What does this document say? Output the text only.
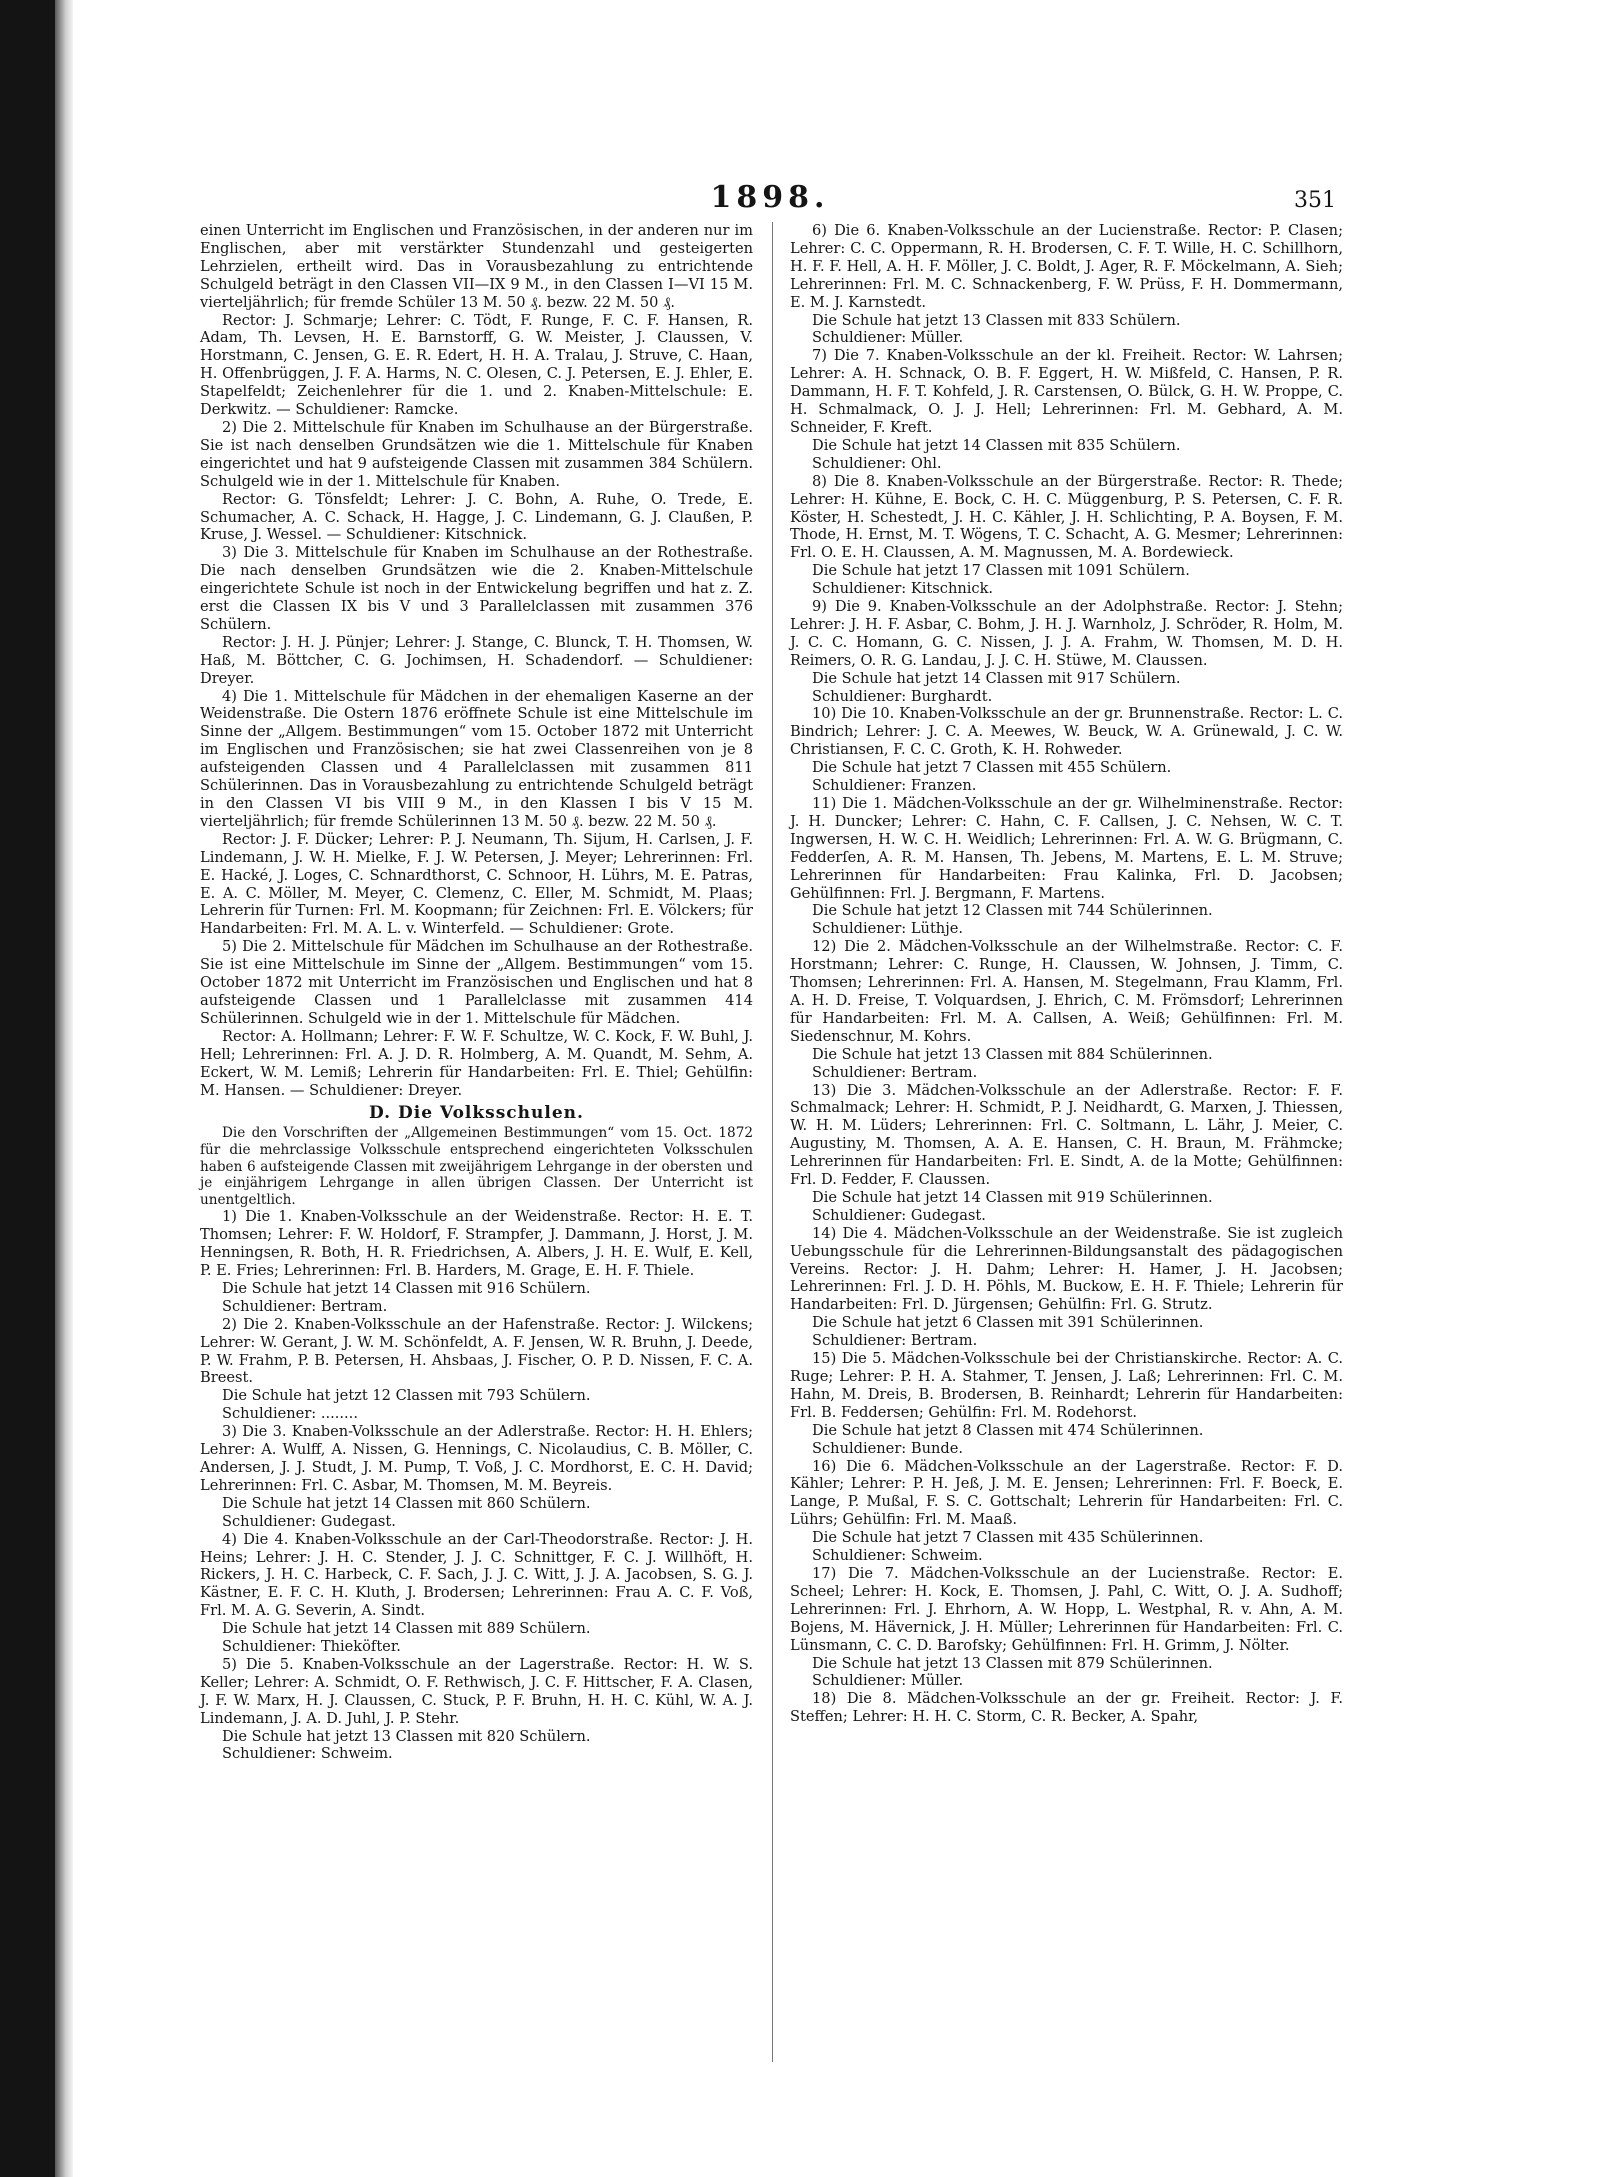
1898.	351

einen Unterricht im Englischen und Französischen, in der anderen nur im Englischen, aber mit verstärkter Stundenzahl und gesteigerten Lehrzielen, ertheilt wird. Das in Vorausbezahlung zu entrichtende Schulgeld beträgt in den Classen VII—IX 9 M., in den Classen I—VI 15 M. vierteljährlich; für fremde Schüler 13 M. 50 ₰. bezw. 22 M. 50 ₰.

Rector: J. Schmarje; Lehrer: C. Tödt, F. Runge, F. C. F. Hansen, R. Adam, Th. Levsen, H. E. Barnstorff, G. W. Meister, J. Claussen, V. Horstmann, C. Jensen, G. E. R. Edert, H. H. A. Tralau, J. Struve, C. Haan, H. Offenbrüggen, J. F. A. Harms, N. C. Olesen, C. J. Petersen, E. J. Ehler, E. Stapelfeldt; Zeichenlehrer für die 1. und 2. Knaben-Mittelschule: E. Derkwitz. — Schuldiener: Ramcke.

2) Die 2. Mittelschule für Knaben im Schulhause an der Bürgerstraße. Sie ist nach denselben Grundsätzen wie die 1. Mittelschule für Knaben eingerichtet und hat 9 aufsteigende Classen mit zusammen 384 Schülern. Schulgeld wie in der 1. Mittelschule für Knaben.

Rector: G. Tönsfeldt; Lehrer: J. C. Bohn, A. Ruhe, O. Trede, E. Schumacher, A. C. Schack, H. Hagge, J. C. Lindemann, G. J. Claußen, P. Kruse, J. Wessel. — Schuldiener: Kitschnick.

3) Die 3. Mittelschule für Knaben im Schulhause an der Rothestraße. Die nach denselben Grundsätzen wie die 2. Knaben-Mittelschule eingerichtete Schule ist noch in der Entwickelung begriffen und hat z. Z. erst die Classen IX bis V und 3 Parallelclassen mit zusammen 376 Schülern.

Rector: J. H. J. Pünjer; Lehrer: J. Stange, C. Blunck, T. H. Thomsen, W. Haß, M. Böttcher, C. G. Jochimsen, H. Schadendorf. — Schuldiener: Dreyer.

4) Die 1. Mittelschule für Mädchen in der ehemaligen Kaserne an der Weidenstraße. Die Ostern 1876 eröffnete Schule ist eine Mittelschule im Sinne der „Allgem. Bestimmungen“ vom 15. October 1872 mit Unterricht im Englischen und Französischen; sie hat zwei Classenreihen von je 8 aufsteigenden Classen und 4 Parallelclassen mit zusammen 811 Schülerinnen. Das in Vorausbezahlung zu entrichtende Schulgeld beträgt in den Classen VI bis VIII 9 M., in den Klassen I bis V 15 M. vierteljährlich; für fremde Schülerinnen 13 M. 50 ₰. bezw. 22 M. 50 ₰.

Rector: J. F. Dücker; Lehrer: P. J. Neumann, Th. Sijum, H. Carlsen, J. F. Lindemann, J. W. H. Mielke, F. J. W. Petersen, J. Meyer; Lehrerinnen: Frl. E. Hacké, J. Loges, C. Schnardthorst, C. Schnoor, H. Lührs, M. E. Patras, E. A. C. Möller, M. Meyer, C. Clemenz, C. Eller, M. Schmidt, M. Plaas; Lehrerin für Turnen: Frl. M. Koopmann; für Zeichnen: Frl. E. Völckers; für Handarbeiten: Frl. M. A. L. v. Winterfeld. — Schuldiener: Grote.

5) Die 2. Mittelschule für Mädchen im Schulhause an der Rothestraße. Sie ist eine Mittelschule im Sinne der „Allgem. Bestimmungen“ vom 15. October 1872 mit Unterricht im Französischen und Englischen und hat 8 aufsteigende Classen und 1 Parallelclasse mit zusammen 414 Schülerinnen. Schulgeld wie in der 1. Mittelschule für Mädchen.

Rector: A. Hollmann; Lehrer: F. W. F. Schultze, W. C. Kock, F. W. Buhl, J. Hell; Lehrerinnen: Frl. A. J. D. R. Holmberg, A. M. Quandt, M. Sehm, A. Eckert, W. M. Lemiß; Lehrerin für Handarbeiten: Frl. E. Thiel; Gehülfin: M. Hansen. — Schuldiener: Dreyer.

D. Die Volksschulen.

Die den Vorschriften der „Allgemeinen Bestimmungen“ vom 15. Oct. 1872 für die mehrclassige Volksschule entsprechend eingerichteten Volksschulen haben 6 aufsteigende Classen mit zweijährigem Lehrgange in der obersten und je einjährigem Lehrgange in allen übrigen Classen. Der Unterricht ist unentgeltlich.

1) Die 1. Knaben-Volksschule an der Weidenstraße. Rector: H. E. T. Thomsen; Lehrer: F. W. Holdorf, F. Strampfer, J. Dammann, J. Horst, J. M. Henningsen, R. Both, H. R. Friedrichsen, A. Albers, J. H. E. Wulf, E. Kell, P. E. Fries; Lehrerinnen: Frl. B. Harders, M. Grage, E. H. F. Thiele.

Die Schule hat jetzt 14 Classen mit 916 Schülern.

Schuldiener: Bertram.

2) Die 2. Knaben-Volksschule an der Hafenstraße. Rector: J. Wilckens; Lehrer: W. Gerant, J. W. M. Schönfeldt, A. F. Jensen, W. R. Bruhn, J. Deede, P. W. Frahm, P. B. Petersen, H. Ahsbaas, J. Fischer, O. P. D. Nissen, F. C. A. Breest.

Die Schule hat jetzt 12 Classen mit 793 Schülern.

Schuldiener: ........

3) Die 3. Knaben-Volksschule an der Adlerstraße. Rector: H. H. Ehlers; Lehrer: A. Wulff, A. Nissen, G. Hennings, C. Nicolaudius, C. B. Möller, C. Andersen, J. J. Studt, J. M. Pump, T. Voß, J. C. Mordhorst, E. C. H. David; Lehrerinnen: Frl. C. Asbar, M. Thomsen, M. M. Beyreis.

Die Schule hat jetzt 14 Classen mit 860 Schülern.

Schuldiener: Gudegast.

4) Die 4. Knaben-Volksschule an der Carl-Theodorstraße. Rector: J. H. Heins; Lehrer: J. H. C. Stender, J. J. C. Schnittger, F. C. J. Willhöft, H. Rickers, J. H. C. Harbeck, C. F. Sach, J. J. C. Witt, J. J. A. Jacobsen, S. G. J. Kästner, E. F. C. H. Kluth, J. Brodersen; Lehrerinnen: Frau A. C. F. Voß, Frl. M. A. G. Severin, A. Sindt.

Die Schule hat jetzt 14 Classen mit 889 Schülern.

Schuldiener: Thieköfter.

5) Die 5. Knaben-Volksschule an der Lagerstraße. Rector: H. W. S. Keller; Lehrer: A. Schmidt, O. F. Rethwisch, J. C. F. Hittscher, F. A. Clasen, J. F. W. Marx, H. J. Claussen, C. Stuck, P. F. Bruhn, H. H. C. Kühl, W. A. J. Lindemann, J. A. D. Juhl, J. P. Stehr.

Die Schule hat jetzt 13 Classen mit 820 Schülern.

Schuldiener: Schweim.

6) Die 6. Knaben-Volksschule an der Lucienstraße. Rector: P. Clasen; Lehrer: C. C. Oppermann, R. H. Brodersen, C. F. T. Wille, H. C. Schillhorn, H. F. F. Hell, A. H. F. Möller, J. C. Boldt, J. Ager, R. F. Möckelmann, A. Sieh; Lehrerinnen: Frl. M. C. Schnackenberg, F. W. Prüss, F. H. Dommermann, E. M. J. Karnstedt.

Die Schule hat jetzt 13 Classen mit 833 Schülern.

Schuldiener: Müller.

7) Die 7. Knaben-Volksschule an der kl. Freiheit. Rector: W. Lahrsen; Lehrer: A. H. Schnack, O. B. F. Eggert, H. W. Mißfeld, C. Hansen, P. R. Dammann, H. F. T. Kohfeld, J. R. Carstensen, O. Bülck, G. H. W. Proppe, C. H. Schmalmack, O. J. J. Hell; Lehrerinnen: Frl. M. Gebhard, A. M. Schneider, F. Kreft.

Die Schule hat jetzt 14 Classen mit 835 Schülern.

Schuldiener: Ohl.

8) Die 8. Knaben-Volksschule an der Bürgerstraße. Rector: R. Thede; Lehrer: H. Kühne, E. Bock, C. H. C. Müggenburg, P. S. Petersen, C. F. R. Köster, H. Schestedt, J. H. C. Kähler, J. H. Schlichting, P. A. Boysen, F. M. Thode, H. Ernst, M. T. Wögens, T. C. Schacht, A. G. Mesmer; Lehrerinnen: Frl. O. E. H. Claussen, A. M. Magnussen, M. A. Bordewieck.

Die Schule hat jetzt 17 Classen mit 1091 Schülern.

Schuldiener: Kitschnick.

9) Die 9. Knaben-Volksschule an der Adolphstraße. Rector: J. Stehn; Lehrer: J. H. F. Asbar, C. Bohm, J. H. J. Warnholz, J. Schröder, R. Holm, M. J. C. C. Homann, G. C. Nissen, J. J. A. Frahm, W. Thomsen, M. D. H. Reimers, O. R. G. Landau, J. J. C. H. Stüwe, M. Claussen.

Die Schule hat jetzt 14 Classen mit 917 Schülern.

Schuldiener: Burghardt.

10) Die 10. Knaben-Volksschule an der gr. Brunnenstraße. Rector: L. C. Bindrich; Lehrer: J. C. A. Meewes, W. Beuck, W. A. Grünewald, J. C. W. Christiansen, F. C. C. Groth, K. H. Rohweder.

Die Schule hat jetzt 7 Classen mit 455 Schülern.

Schuldiener: Franzen.

11) Die 1. Mädchen-Volksschule an der gr. Wilhelminenstraße. Rector: J. H. Duncker; Lehrer: C. Hahn, C. F. Callsen, J. C. Nehsen, W. C. T. Ingwersen, H. W. C. H. Weidlich; Lehrerinnen: Frl. A. W. G. Brügmann, C. Fedderſen, A. R. M. Hansen, Th. Jebens, M. Martens, E. L. M. Struve; Lehrerinnen für Handarbeiten: Frau Kalinka, Frl. D. Jacobsen; Gehülfinnen: Frl. J. Bergmann, F. Martens.

Die Schule hat jetzt 12 Classen mit 744 Schülerinnen.

Schuldiener: Lüthje.

12) Die 2. Mädchen-Volksschule an der Wilhelmstraße. Rector: C. F. Horstmann; Lehrer: C. Runge, H. Claussen, W. Johnsen, J. Timm, C. Thomsen; Lehrerinnen: Frl. A. Hansen, M. Stegelmann, Frau Klamm, Frl. A. H. D. Freise, T. Volquardsen, J. Ehrich, C. M. Frömsdorf; Lehrerinnen für Handarbeiten: Frl. M. A. Callsen, A. Weiß; Gehülfinnen: Frl. M. Siedenschnur, M. Kohrs.

Die Schule hat jetzt 13 Classen mit 884 Schülerinnen.

Schuldiener: Bertram.

13) Die 3. Mädchen-Volksschule an der Adlerstraße. Rector: F. F. Schmalmack; Lehrer: H. Schmidt, P. J. Neidhardt, G. Marxen, J. Thiessen, W. H. M. Lüders; Lehrerinnen: Frl. C. Soltmann, L. Lähr, J. Meier, C. Augustiny, M. Thomsen, A. A. E. Hansen, C. H. Braun, M. Frähmcke; Lehrerinnen für Handarbeiten: Frl. E. Sindt, A. de la Motte; Gehülfinnen: Frl. D. Fedder, F. Claussen.

Die Schule hat jetzt 14 Classen mit 919 Schülerinnen.

Schuldiener: Gudegast.

14) Die 4. Mädchen-Volksschule an der Weidenstraße. Sie ist zugleich Uebungsschule für die Lehrerinnen-Bildungsanstalt des pädagogischen Vereins. Rector: J. H. Dahm; Lehrer: H. Hamer, J. H. Jacobsen; Lehrerinnen: Frl. J. D. H. Pöhls, M. Buckow, E. H. F. Thiele; Lehrerin für Handarbeiten: Frl. D. Jürgensen; Gehülfin: Frl. G. Strutz.

Die Schule hat jetzt 6 Classen mit 391 Schülerinnen.

Schuldiener: Bertram.

15) Die 5. Mädchen-Volksschule bei der Christianskirche. Rector: A. C. Ruge; Lehrer: P. H. A. Stahmer, T. Jensen, J. Laß; Lehrerinnen: Frl. C. M. Hahn, M. Dreis, B. Brodersen, B. Reinhardt; Lehrerin für Handarbeiten: Frl. B. Feddersen; Gehülfin: Frl. M. Rodehorst.

Die Schule hat jetzt 8 Classen mit 474 Schülerinnen.

Schuldiener: Bunde.

16) Die 6. Mädchen-Volksschule an der Lagerstraße. Rector: F. D. Kähler; Lehrer: P. H. Jeß, J. M. E. Jensen; Lehrerinnen: Frl. F. Boeck, E. Lange, P. Mußal, F. S. C. Gottschalt; Lehrerin für Handarbeiten: Frl. C. Lührs; Gehülfin: Frl. M. Maaß.

Die Schule hat jetzt 7 Classen mit 435 Schülerinnen.

Schuldiener: Schweim.

17) Die 7. Mädchen-Volksschule an der Lucienstraße. Rector: E. Scheel; Lehrer: H. Kock, E. Thomsen, J. Pahl, C. Witt, O. J. A. Sudhoff; Lehrerinnen: Frl. J. Ehrhorn, A. W. Hopp, L. Westphal, R. v. Ahn, A. M. Bojens, M. Hävernick, J. H. Müller; Lehrerinnen für Handarbeiten: Frl. C. Lünsmann, C. C. D. Barofsky; Gehülfinnen: Frl. H. Grimm, J. Nölter.

Die Schule hat jetzt 13 Classen mit 879 Schülerinnen.

Schuldiener: Müller.

18) Die 8. Mädchen-Volksschule an der gr. Freiheit. Rector: J. F. Steffen; Lehrer: H. H. C. Storm, C. R. Becker, A. Spahr,
